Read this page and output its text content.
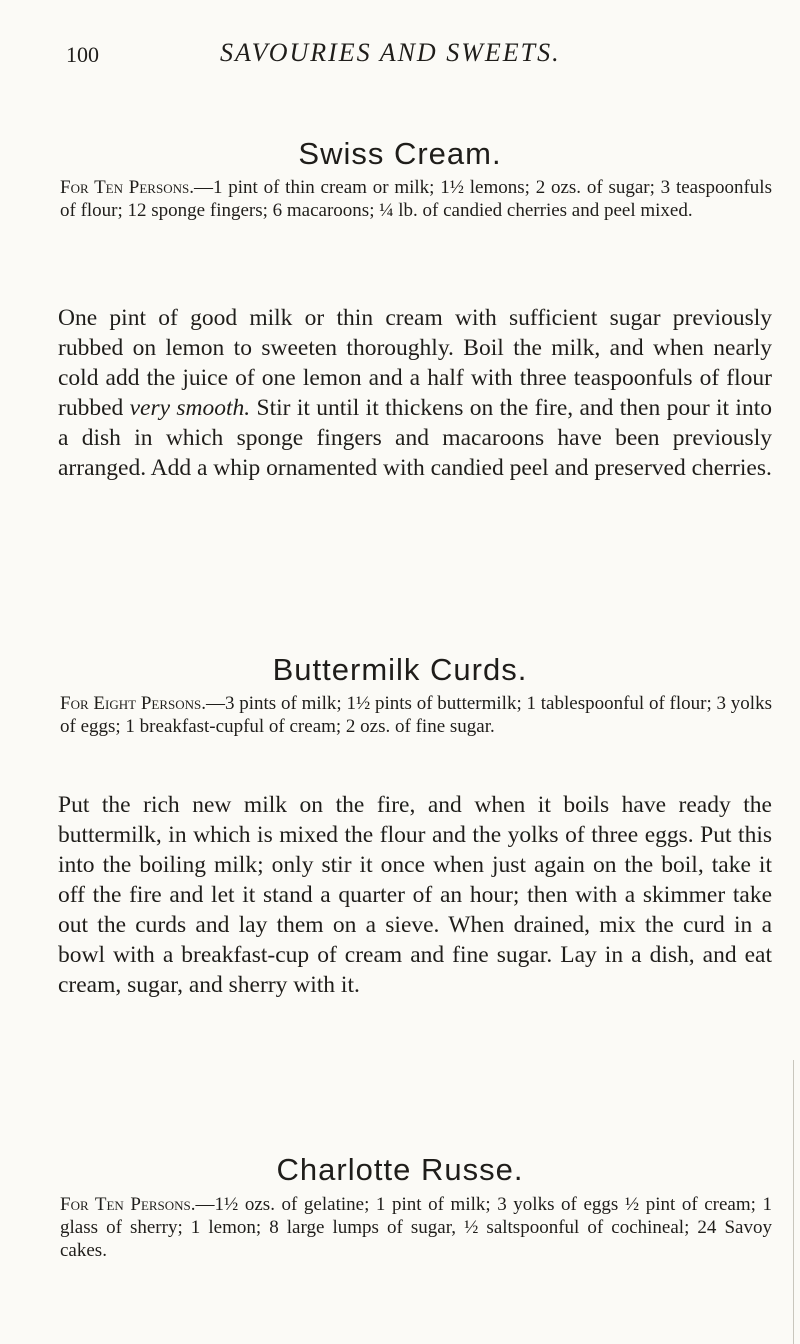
100	SAVOURIES AND SWEETS.
Swiss Cream.

For Ten Persons.—1 pint of thin cream or milk; 1½ lemons; 2 ozs. of sugar; 3 teaspoonfuls of flour; 12 sponge fingers; 6 macaroons; ¼ lb. of candied cherries and peel mixed.

One pint of good milk or thin cream with sufficient sugar previously rubbed on lemon to sweeten thoroughly. Boil the milk, and when nearly cold add the juice of one lemon and a half with three teaspoonfuls of flour rubbed very smooth. Stir it until it thickens on the fire, and then pour it into a dish in which sponge fingers and macaroons have been previously arranged. Add a whip ornamented with candied peel and preserved cherries.

Buttermilk Curds.

For Eight Persons.—3 pints of milk; 1½ pints of buttermilk; 1 tablespoonful of flour; 3 yolks of eggs; 1 breakfast-cupful of cream; 2 ozs. of fine sugar.

Put the rich new milk on the fire, and when it boils have ready the buttermilk, in which is mixed the flour and the yolks of three eggs. Put this into the boiling milk; only stir it once when just again on the boil, take it off the fire and let it stand a quarter of an hour; then with a skimmer take out the curds and lay them on a sieve. When drained, mix the curd in a bowl with a breakfast-cup of cream and fine sugar. Lay in a dish, and eat cream, sugar, and sherry with it.

Charlotte Russe.

For Ten Persons.—1½ ozs. of gelatine; 1 pint of milk; 3 yolks of eggs ½ pint of cream; 1 glass of sherry; 1 lemon; 8 large lumps of sugar, ½ saltspoonful of cochineal; 24 Savoy cakes.
